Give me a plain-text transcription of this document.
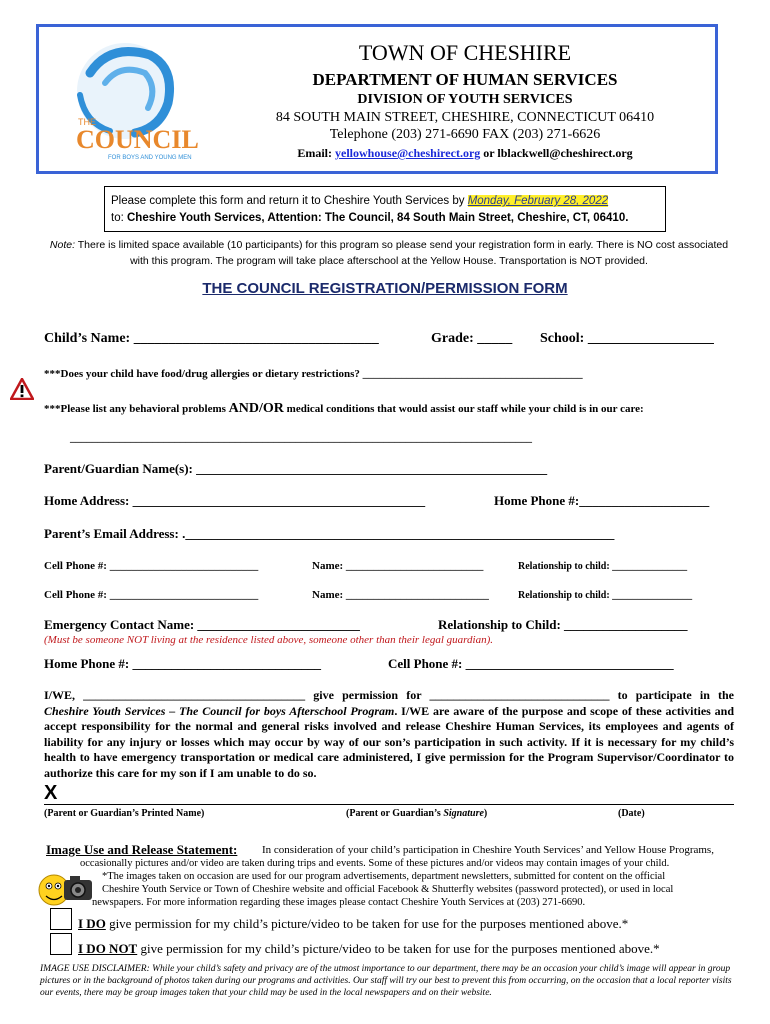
THE
COUNCIL
FOR BOYS AND YOUNG MEN
TOWN OF CHESHIRE
DEPARTMENT OF HUMAN SERVICES
DIVISION OF YOUTH SERVICES
84 SOUTH MAIN STREET, CHESHIRE, CONNECTICUT 06410
Telephone (203) 271-6690 FAX (203) 271-6626
Email: yellowhouse@cheshirect.org or lblackwell@cheshirect.org
Please complete this form and return it to Cheshire Youth Services by Monday, February 28, 2022
to: Cheshire Youth Services, Attention: The Council, 84 South Main Street, Cheshire, CT, 06410.
Note: There is limited space available (10 participants) for this program so please send your registration form in early. There is NO cost associated with this program. The program will take place afterschool at the Yellow House. Transportation is NOT provided.
THE COUNCIL REGISTRATION/PERMISSION FORM
Child’s Name: ___________________________________	Grade: _____ School: __________________
***Does your child have food/drug allergies or dietary restrictions? ________________________________________
***Please list any behavioral problems AND/OR medical conditions that would assist our staff while your child is in our care:
____________________________________________________________________________________
Parent/Guardian Name(s): ______________________________________________________
Home Address: _____________________________________________	Home Phone #:____________________
Parent’s Email Address: .__________________________________________________________________
Cell Phone #: ___________________________	Name: _________________________	Relationship to child: _______________
Cell Phone #: ___________________________	Name: __________________________	Relationship to child: ________________
Emergency Contact Name: _________________________	Relationship to Child: ___________________
(Must be someone NOT living at the residence listed above, someone other than their legal guardian).
Home Phone #: _____________________________	Cell Phone #: ________________________________
I/WE, _____________________________________ give permission for ______________________________ to participate in the Cheshire Youth Services – The Council for boys Afterschool Program. I/WE are aware of the purpose and scope of these activities and accept responsibility for the normal and general risks involved and release Cheshire Human Services, its employees and agents of liability for any injury or losses which may occur by way of our son’s participation in such activity. If it is necessary for my child’s health to have emergency transportation or medical care administered, I give permission for the Program Supervisor/Coordinator to authorize this care for my son if I am unable to do so.
X
(Parent or Guardian’s Printed Name)	(Parent or Guardian’s Signature)	(Date)
Image Use and Release Statement: In consideration of your child’s participation in Cheshire Youth Services’ and Yellow House Programs,
occasionally pictures and/or video are taken during trips and events. Some of these pictures and/or videos may contain images of your child.
*The images taken on occasion are used for our program advertisements, department newsletters, submitted for content on the official
Cheshire Youth Service or Town of Cheshire website and official Facebook & Shutterfly websites (password protected), or used in local
newspapers. For more information regarding these images please contact Cheshire Youth Services at (203) 271-6690.
I DO give permission for my child’s picture/video to be taken for use for the purposes mentioned above.*
I DO NOT give permission for my child’s picture/video to be taken for use for the purposes mentioned above.*
IMAGE USE DISCLAIMER: While your child’s safety and privacy are of the utmost importance to our department, there may be an occasion your child’s image will appear in group pictures or in the background of photos taken during our programs and activities. Our staff will try our best to prevent this from occurring, on the occasion that a local reporter visits our events, there may be group images taken that your child may be used in the local newspapers and on their website.
